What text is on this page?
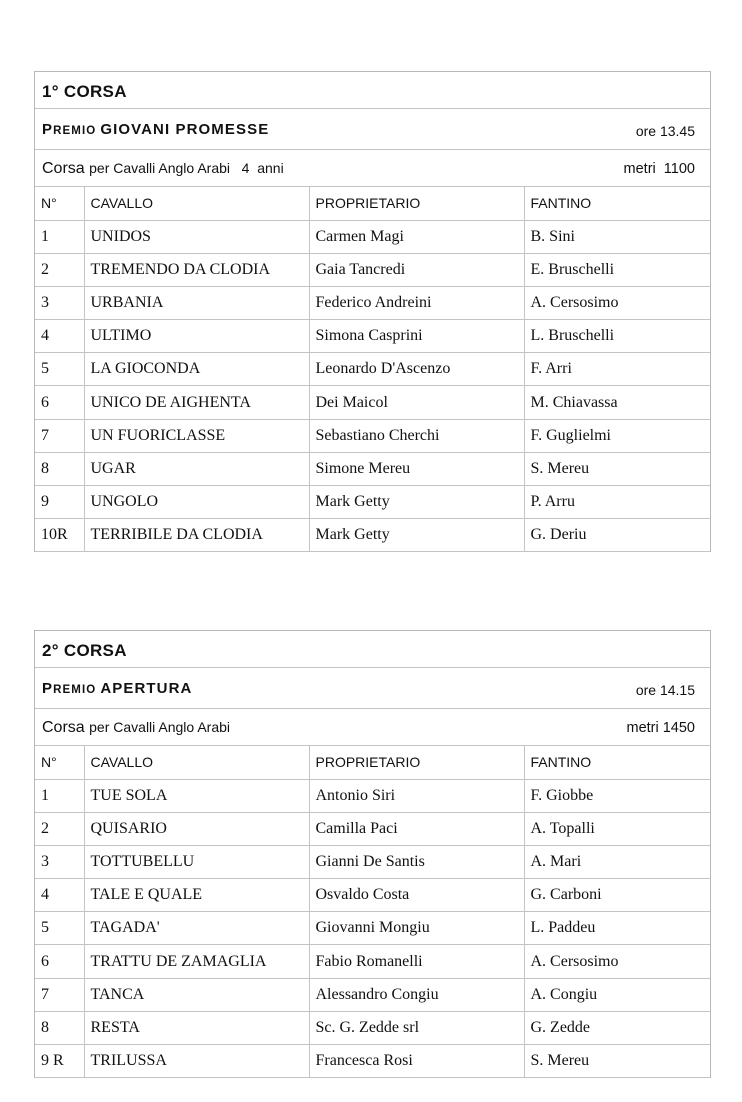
1° CORSA
PREMIO GIOVANI PROMESSE	ore 13.45
Corsa per Cavalli Anglo Arabi   4  anni	metri  1100
N°	CAVALLO	PROPRIETARIO	FANTINO
1	UNIDOS	Carmen Magi	B. Sini
2	TREMENDO DA CLODIA	Gaia Tancredi	E. Bruschelli
3	URBANIA	Federico Andreini	A. Cersosimo
4	ULTIMO	Simona Casprini	L. Bruschelli
5	LA GIOCONDA	Leonardo D'Ascenzo	F. Arri
6	UNICO DE AIGHENTA	Dei Maicol	M. Chiavassa
7	UN FUORICLASSE	Sebastiano Cherchi	F. Guglielmi
8	UGAR	Simone Mereu	S. Mereu
9	UNGOLO	Mark Getty	P. Arru
10R	TERRIBILE DA CLODIA	Mark Getty	G. Deriu
2° CORSA
PREMIO APERTURA	ore 14.15
Corsa per Cavalli Anglo Arabi	metri 1450
N°	CAVALLO	PROPRIETARIO	FANTINO
1	TUE SOLA	Antonio Siri	F. Giobbe
2	QUISARIO	Camilla Paci	A. Topalli
3	TOTTUBELLU	Gianni De Santis	A. Mari
4	TALE E QUALE	Osvaldo Costa	G. Carboni
5	TAGADA'	Giovanni Mongiu	L. Paddeu
6	TRATTU DE ZAMAGLIA	Fabio Romanelli	A. Cersosimo
7	TANCA	Alessandro Congiu	A. Congiu
8	RESTA	Sc. G. Zedde srl	G. Zedde
9 R	TRILUSSA	Francesca Rosi	S. Mereu
